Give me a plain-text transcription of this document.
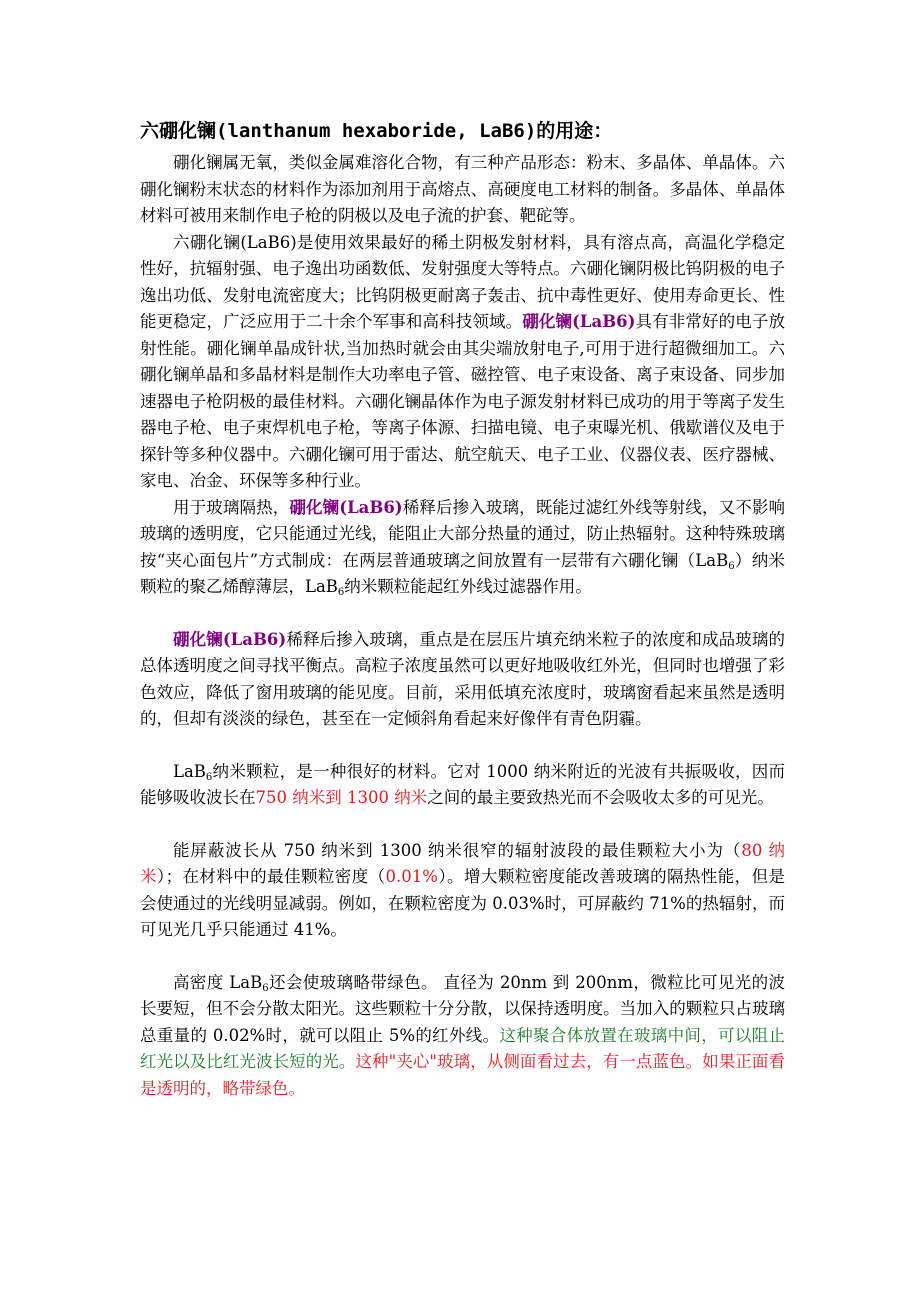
六硼化镧(lanthanum hexaboride, LaB6)的用途：

硼化镧属无氧，类似金属难溶化合物，有三种产品形态：粉末、多晶体、单晶体。六硼化镧粉末状态的材料作为添加剂用于高熔点、高硬度电工材料的制备。多晶体、单晶体材料可被用来制作电子枪的阴极以及电子流的护套、靶砣等。

六硼化镧(LaB6)是使用效果最好的稀土阴极发射材料，具有溶点高，高温化学稳定性好，抗辐射强、电子逸出功函数低、发射强度大等特点。六硼化镧阴极比钨阴极的电子逸出功低、发射电流密度大；比钨阴极更耐离子轰击、抗中毒性更好、使用寿命更长、性能更稳定，广泛应用于二十余个军事和高科技领域。硼化镧(LaB6)具有非常好的电子放射性能。硼化镧单晶成针状,当加热时就会由其尖端放射电子,可用于进行超微细加工。六硼化镧单晶和多晶材料是制作大功率电子管、磁控管、电子束设备、离子束设备、同步加速器电子枪阴极的最佳材料。六硼化镧晶体作为电子源发射材料已成功的用于等离子发生器电子枪、电子束焊机电子枪，等离子体源、扫描电镜、电子束曝光机、俄歇谱仪及电于探针等多种仪器中。六硼化镧可用于雷达、航空航天、电子工业、仪器仪表、医疗器械、家电、冶金、环保等多种行业。

用于玻璃隔热，硼化镧(LaB6)稀释后掺入玻璃，既能过滤红外线等射线，又不影响玻璃的透明度，它只能通过光线，能阻止大部分热量的通过，防止热辐射。这种特殊玻璃按“夹心面包片”方式制成：在两层普通玻璃之间放置有一层带有六硼化镧（LaB$_6$）纳米颗粒的聚乙烯醇薄层，LaB$_6$纳米颗粒能起红外线过滤器作用。

硼化镧(LaB6)稀释后掺入玻璃，重点是在层压片填充纳米粒子的浓度和成品玻璃的总体透明度之间寻找平衡点。高粒子浓度虽然可以更好地吸收红外光，但同时也增强了彩色效应，降低了窗用玻璃的能见度。目前，采用低填充浓度时，玻璃窗看起来虽然是透明的，但却有淡淡的绿色，甚至在一定倾斜角看起来好像伴有青色阴霾。

LaB$_6$纳米颗粒，是一种很好的材料。它对 1000 纳米附近的光波有共振吸收，因而能够吸收波长在750 纳米到 1300 纳米之间的最主要致热光而不会吸收太多的可见光。

能屏蔽波长从 750 纳米到 1300 纳米很窄的辐射波段的最佳颗粒大小为（80 纳米）；在材料中的最佳颗粒密度（0.01%）。增大颗粒密度能改善玻璃的隔热性能，但是会使通过的光线明显减弱。例如，在颗粒密度为 0.03%时，可屏蔽约 71%的热辐射，而可见光几乎只能通过 41%。

高密度 LaB$_6$还会使玻璃略带绿色。 直径为 20nm 到 200nm，微粒比可见光的波长要短，但不会分散太阳光。这些颗粒十分分散，以保持透明度。当加入的颗粒只占玻璃总重量的 0.02%时，就可以阻止 5%的红外线。这种聚合体放置在玻璃中间，可以阻止红光以及比红光波长短的光。这种"夹心"玻璃，从侧面看过去，有一点蓝色。如果正面看是透明的，略带绿色。
